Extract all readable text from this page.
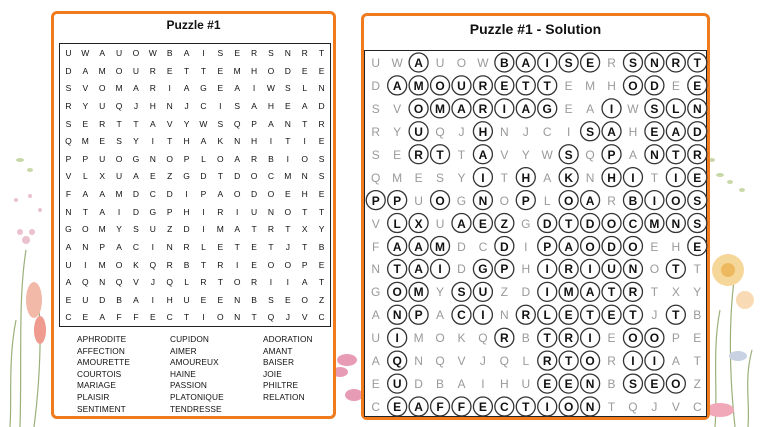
Puzzle #1
U	W	A	U	O	W	B	A	I	S	E	R	S	N	R	T
D	A	M	O	U	R	E	T	T	E	M	H	O	D	E	E
S	V	O	M	A	R	I	A	G	E	A	I	W	S	L	N
R	Y	U	Q	J	H	N	J	C	I	S	A	H	E	A	D
S	E	R	T	T	A	V	Y	W	S	Q	P	A	N	T	R
Q	M	E	S	Y	I	T	H	A	K	N	H	I	T	I	E
P	P	U	O	G	N	O	P	L	O	A	R	B	I	O	S
V	L	X	U	A	E	Z	G	D	T	D	O	C	M	N	S
F	A	A	M	D	C	D	I	P	A	O	D	O	E	H	E
N	T	A	I	D	G	P	H	I	R	I	U	N	O	T	T
G	O	M	Y	S	U	Z	D	I	M	A	T	R	T	X	Y
A	N	P	A	C	I	N	R	L	E	T	E	T	J	T	B
U	I	M	O	K	Q	R	B	T	R	I	E	O	O	P	E
A	Q	N	Q	V	J	Q	L	R	T	O	R	I	I	A	T
E	U	D	B	A	I	H	U	E	E	N	B	S	E	O	Z
C	E	A	F	F	E	C	T	I	O	N	T	Q	J	V	C
APHRODITE
AFFECTION
AMOURETTE
COURTOIS
MARIAGE
PLAISIR
SENTIMENT
CUPIDON
AIMER
AMOUREUX
HAINE
PASSION
PLATONIQUE
TENDRESSE
ADORATION
AMANT
BAISER
JOIE
PHILTRE
RELATION
Puzzle #1 - Solution
U W A	U	O W B	A	I	S	E	R	S	N	R	T
D	A	M O	U	R	E	T	T	E	M	H	O	D	E	E
S	V	O M	A	R	I	A	G	E	A	I	W S	L	N
R	Y	U	Q	J	H	N	J	C	I	S	A	H	E	A	D
S	E	R	T	T	A	V	Y W S	Q	P	A	N	T	R
Q M	E	S	Y	I	T	H	A	K	N	H	I	T	I	E
P	P	U	O	G	N	O	P	L	O	A	R	B	I	O	S
V	L	X	U	A	E	Z	G	D	T	D	O	C	M	N	S
F	A	A	M	D	C	D	I	P	A	O	D	O	E	H	E
N	T	A	I	D	G	P	H	I	R	I	U	N	O	T	T
G	O M	Y	S	U	Z	D	I	M	A	T	R	T	X	Y
A	N	P	A	C	I	N	R	L	E	T	E	T	J	T	B
U	I	M O	K	Q	R	B	T	R	I	E	O	O	P	E
A	Q	N	Q	V	J	Q	L	R	T	O	R	I	I	A	T
E	U	D	B	A	I	H	U	E	E	N	B	S	E	O	Z
C	E	A	F	F	E	C	T	I	O	N	T	Q	J	V	C
